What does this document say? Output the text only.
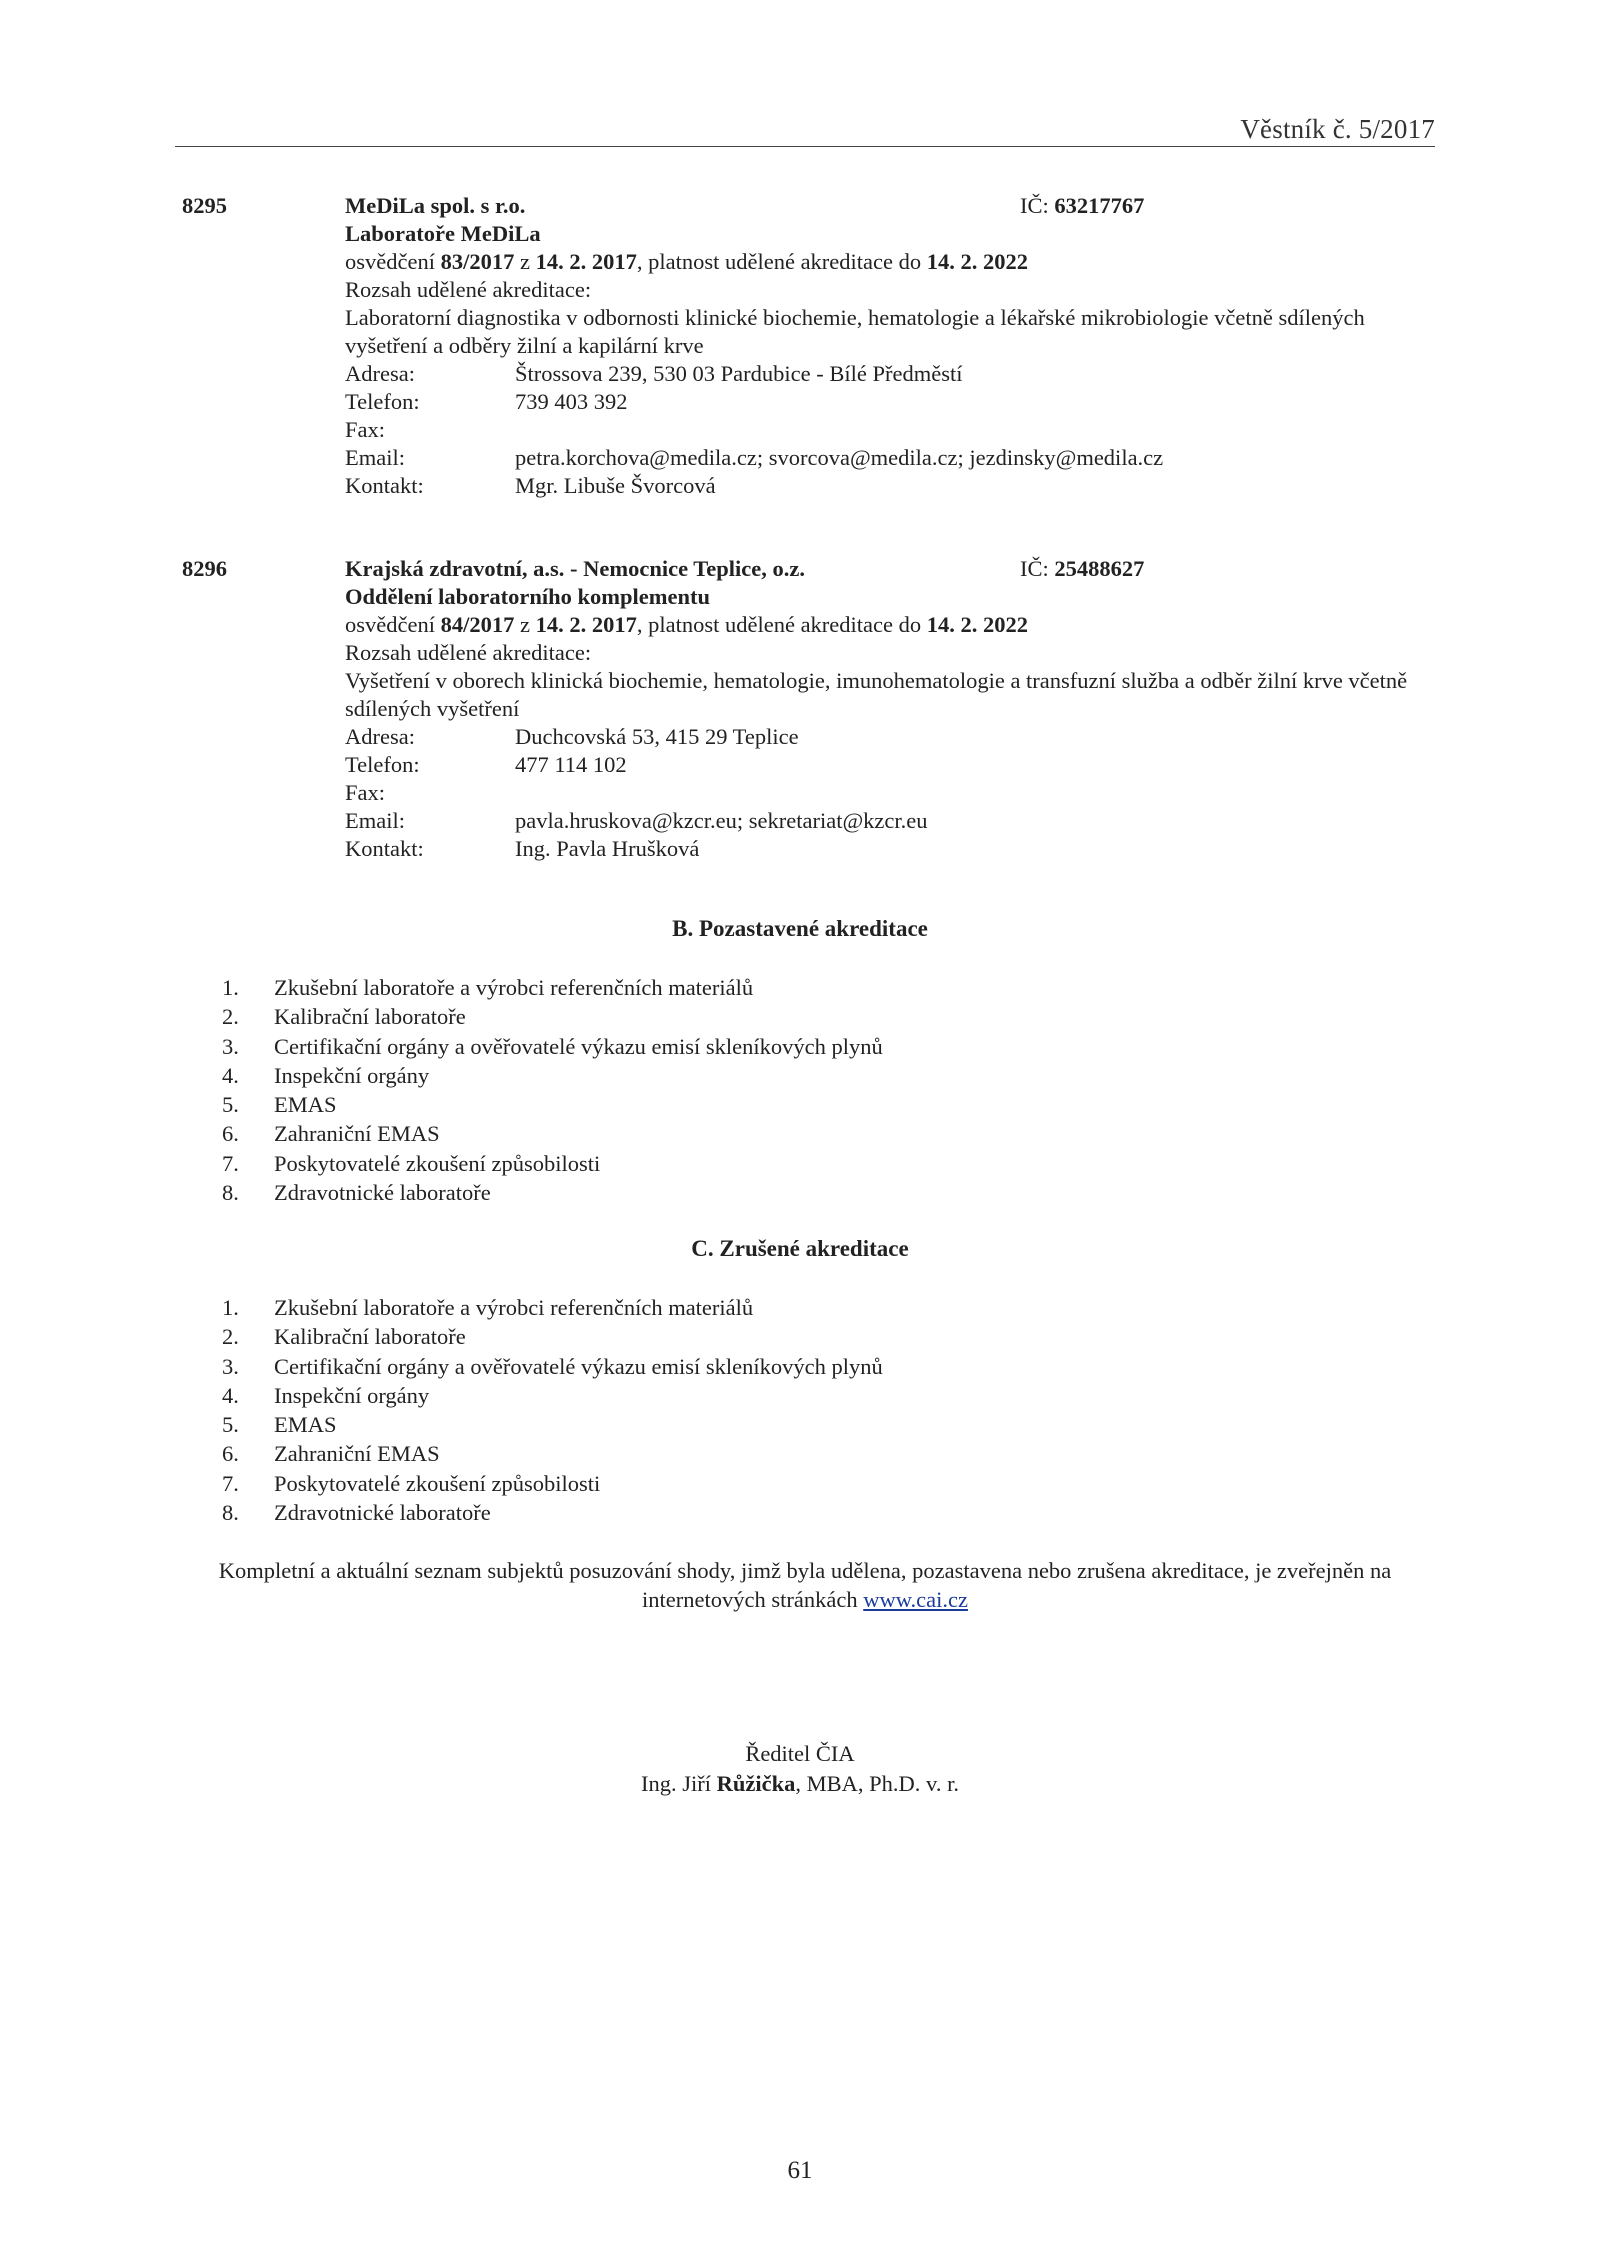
Věstník č. 5/2017
8295	MeDiLa spol. s r.o.	IČ: 63217767
Laboratoře MeDiLa
osvědčení 83/2017 z 14. 2. 2017, platnost udělené akreditace do 14. 2. 2022
Rozsah udělené akreditace:
Laboratorní diagnostika v odbornosti klinické biochemie, hematologie a lékařské mikrobiologie včetně sdílených vyšetření a odběry žilní a kapilární krve
Adresa:	Štrossova 239, 530 03 Pardubice - Bílé Předměstí
Telefon:	739 403 392
Fax:
Email:	petra.korchova@medila.cz; svorcova@medila.cz; jezdinsky@medila.cz
Kontakt:	Mgr. Libuše Švorcová
8296	Krajská zdravotní, a.s. - Nemocnice Teplice, o.z.	IČ: 25488627
Oddělení laboratorního komplementu
osvědčení 84/2017 z 14. 2. 2017, platnost udělené akreditace do 14. 2. 2022
Rozsah udělené akreditace:
Vyšetření v oborech klinická biochemie, hematologie, imunohematologie a transfuzní služba a odběr žilní krve včetně sdílených vyšetření
Adresa:	Duchcovská 53, 415 29 Teplice
Telefon:	477 114 102
Fax:
Email:	pavla.hruskova@kzcr.eu; sekretariat@kzcr.eu
Kontakt:	Ing. Pavla Hrušková
B. Pozastavené akreditace
1.	Zkušební laboratoře a výrobci referenčních materiálů
2.	Kalibrační laboratoře
3.	Certifikační orgány a ověřovatelé výkazu emisí skleníkových plynů
4.	Inspekční orgány
5.	EMAS
6.	Zahraniční EMAS
7.	Poskytovatelé zkoušení způsobilosti
8.	Zdravotnické laboratoře
C. Zrušené akreditace
1.	Zkušební laboratoře a výrobci referenčních materiálů
2.	Kalibrační laboratoře
3.	Certifikační orgány a ověřovatelé výkazu emisí skleníkových plynů
4.	Inspekční orgány
5.	EMAS
6.	Zahraniční EMAS
7.	Poskytovatelé zkoušení způsobilosti
8.	Zdravotnické laboratoře
Kompletní a aktuální seznam subjektů posuzování shody, jimž byla udělena, pozastavena nebo zrušena akreditace, je zveřejněn na internetových stránkách www.cai.cz
Ředitel ČIA
Ing. Jiří Růžička, MBA, Ph.D. v. r.
61
